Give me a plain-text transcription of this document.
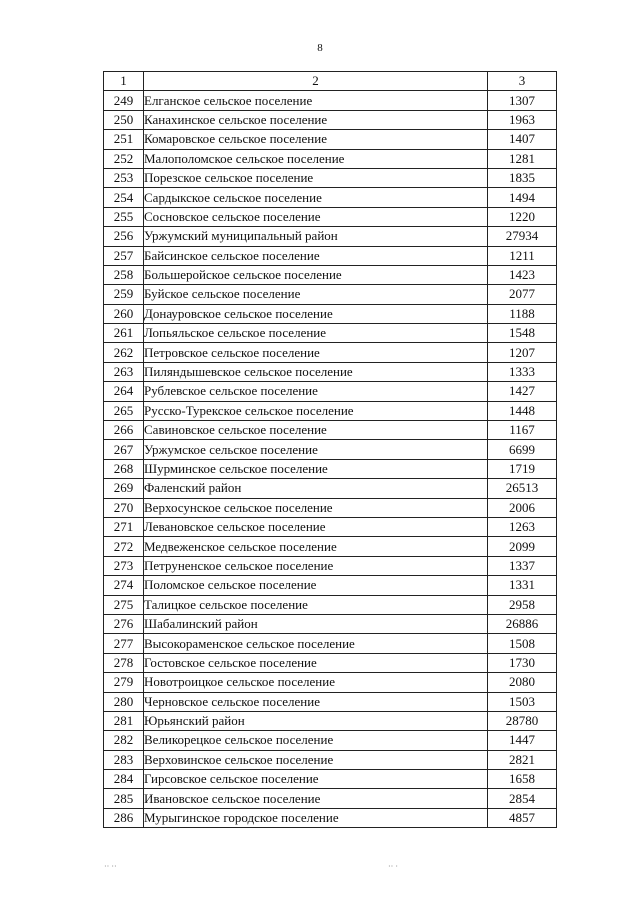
8
1	2	3
249	Елганское сельское поселение	1307
250	Канахинское сельское поселение	1963
251	Комаровское сельское поселение	1407
252	Малополомское сельское поселение	1281
253	Порезское сельское поселение	1835
254	Сардыкское сельское поселение	1494
255	Сосновское сельское поселение	1220
256	Уржумский муниципальный район	27934
257	Байсинское сельское поселение	1211
258	Большеройское сельское поселение	1423
259	Буйское сельское поселение	2077
260	Донауровское сельское поселение	1188
261	Лопьяльское сельское поселение	1548
262	Петровское сельское поселение	1207
263	Пиляндышевское сельское поселение	1333
264	Рублевское сельское поселение	1427
265	Русско-Турекское сельское поселение	1448
266	Савиновское сельское поселение	1167
267	Уржумское сельское поселение	6699
268	Шурминское сельское поселение	1719
269	Фаленский район	26513
270	Верхосунское сельское поселение	2006
271	Левановское сельское поселение	1263
272	Медвеженское сельское поселение	2099
273	Петруненское сельское поселение	1337
274	Поломское сельское поселение	1331
275	Талицкое сельское поселение	2958
276	Шабалинский район	26886
277	Высокораменское сельское поселение	1508
278	Гостовское сельское поселение	1730
279	Новотроицкое сельское поселение	2080
280	Черновское сельское поселение	1503
281	Юрьянский район	28780
282	Великорецкое сельское поселение	1447
283	Верховинское сельское поселение	2821
284	Гирсовское сельское поселение	1658
285	Ивановское сельское поселение	2854
286	Мурыгинское городское поселение	4857
·· ··	·· ·
